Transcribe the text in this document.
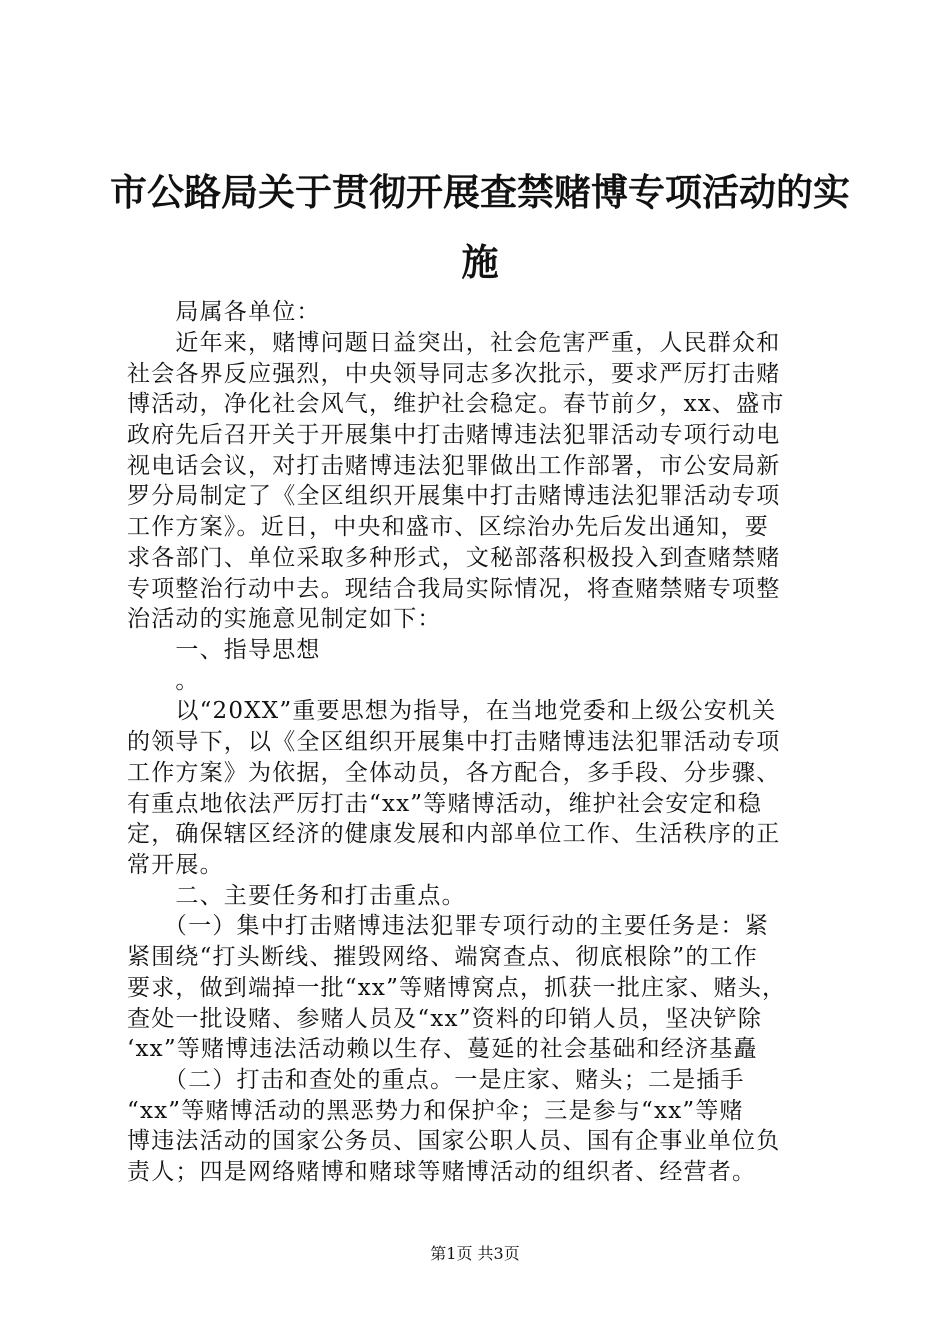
市公路局关于贯彻开展查禁赌博专项活动的实施
　　局属各单位：
　　近年来，赌博问题日益突出，社会危害严重，人民群众和
社会各界反应强烈，中央领导同志多次批示，要求严厉打击赌
博活动，净化社会风气，维护社会稳定。春节前夕，xx、盛市
政府先后召开关于开展集中打击赌博违法犯罪活动专项行动电
视电话会议，对打击赌博违法犯罪做出工作部署，市公安局新
罗分局制定了《全区组织开展集中打击赌博违法犯罪活动专项
工作方案》。近日，中央和盛市、区综治办先后发出通知，要
求各部门、单位采取多种形式，文秘部落积极投入到查赌禁赌
专项整治行动中去。现结合我局实际情况，将查赌禁赌专项整
治活动的实施意见制定如下：
　　一、指导思想
　　。
　　以“20XX”重要思想为指导，在当地党委和上级公安机关
的领导下，以《全区组织开展集中打击赌博违法犯罪活动专项
工作方案》为依据，全体动员，各方配合，多手段、分步骤、
有重点地依法严厉打击“xx”等赌博活动，维护社会安定和稳
定，确保辖区经济的健康发展和内部单位工作、生活秩序的正
常开展。
　　二、主要任务和打击重点。
　　（一）集中打击赌博违法犯罪专项行动的主要任务是：紧
紧围绕“打头断线、摧毁网络、端窝查点、彻底根除”的工作
要求，做到端掉一批“xx”等赌博窝点，抓获一批庄家、赌头，
查处一批设赌、参赌人员及“xx”资料的印销人员，坚决铲除
‘xx”等赌博违法活动赖以生存、蔓延的社会基础和经济基矗
　　（二）打击和查处的重点。一是庄家、赌头；二是插手
“xx”等赌博活动的黑恶势力和保护伞；三是参与“xx”等赌
博违法活动的国家公务员、国家公职人员、国有企事业单位负
责人；四是网络赌博和赌球等赌博活动的组织者、经营者。
第1页 共3页
